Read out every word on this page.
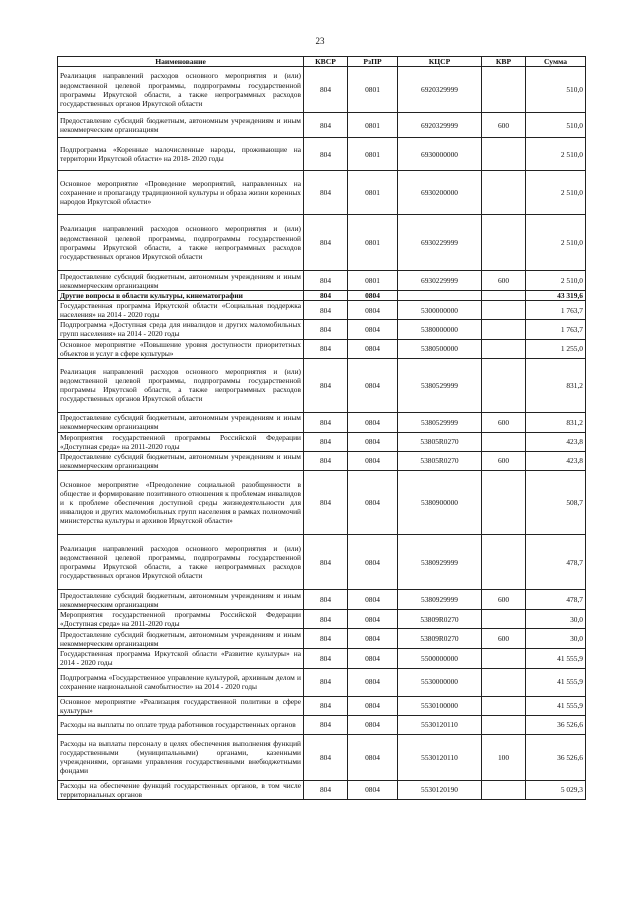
23
Наименование	КВСР	РзПР	КЦСР	КВР	Сумма
Реализация направлений расходов основного мероприятия и (или) ведомственной целевой программы, подпрограммы государственной программы Иркутской области, а также непрограммных расходов государственных органов Иркутской области	804	0801	6920329999		510,0
Предоставление субсидий бюджетным, автономным учреждениям и иным некоммерческим организациям	804	0801	6920329999	600	510,0
Подпрограмма «Коренные малочисленные народы, проживающие на территории Иркутской области» на 2018- 2020 годы	804	0801	6930000000		2 510,0
Основное мероприятие «Проведение мероприятий, направленных на сохранение и пропаганду традиционной культуры и образа жизни коренных народов Иркутской области»	804	0801	6930200000		2 510,0
Реализация направлений расходов основного мероприятия и (или) ведомственной целевой программы, подпрограммы государственной программы Иркутской области, а также непрограммных расходов государственных органов Иркутской области	804	0801	6930229999		2 510,0
Предоставление субсидий бюджетным, автономным учреждениям и иным некоммерческим организациям	804	0801	6930229999	600	2 510,0
Другие вопросы в области культуры, кинематографии	804	0804			43 319,6
Государственная программа Иркутской области «Социальная поддержка населения» на 2014 - 2020 годы	804	0804	5300000000		1 763,7
Подпрограмма «Доступная среда для инвалидов и других маломобильных групп населения» на 2014 - 2020 годы	804	0804	5380000000		1 763,7
Основное мероприятие «Повышение уровня доступности приоритетных объектов и услуг в сфере культуры»	804	0804	5380500000		1 255,0
Реализация направлений расходов основного мероприятия и (или) ведомственной целевой программы, подпрограммы государственной программы Иркутской области, а также непрограммных расходов государственных органов Иркутской области	804	0804	5380529999		831,2
Предоставление субсидий бюджетным, автономным учреждениям и иным некоммерческим организациям	804	0804	5380529999	600	831,2
Мероприятия государственной программы Российской Федерации «Доступная среда» на 2011-2020 годы	804	0804	53805R0270		423,8
Предоставление субсидий бюджетным, автономным учреждениям и иным некоммерческим организациям	804	0804	53805R0270	600	423,8
Основное мероприятие «Преодоление социальной разобщенности в обществе и формирование позитивного отношения к проблемам инвалидов и к проблеме обеспечения доступной среды жизнедеятельности для инвалидов и других маломобильных групп населения в рамках полномочий министерства культуры и архивов Иркутской области»	804	0804	5380900000		508,7
Реализация направлений расходов основного мероприятия и (или) ведомственной целевой программы, подпрограммы государственной программы Иркутской области, а также непрограммных расходов государственных органов Иркутской области	804	0804	5380929999		478,7
Предоставление субсидий бюджетным, автономным учреждениям и иным некоммерческим организациям	804	0804	5380929999	600	478,7
Мероприятия государственной программы Российской Федерации «Доступная среда» на 2011-2020 годы	804	0804	53809R0270		30,0
Предоставление субсидий бюджетным, автономным учреждениям и иным некоммерческим организациям	804	0804	53809R0270	600	30,0
Государственная программа Иркутской области «Развитие культуры» на 2014 - 2020 годы	804	0804	5500000000		41 555,9
Подпрограмма «Государственное управление культурой, архивным делом и сохранение национальной самобытности» на 2014 - 2020 годы	804	0804	5530000000		41 555,9
Основное мероприятие «Реализация государственной политики в сфере культуры»	804	0804	5530100000		41 555,9
Расходы на выплаты по оплате труда работников государственных органов	804	0804	5530120110		36 526,6
Расходы на выплаты персоналу в целях обеспечения выполнения функций государственными (муниципальными) органами, казенными учреждениями, органами управления государственными внебюджетными фондами	804	0804	5530120110	100	36 526,6
Расходы на обеспечение функций государственных органов, в том числе территориальных органов	804	0804	5530120190		5 029,3
